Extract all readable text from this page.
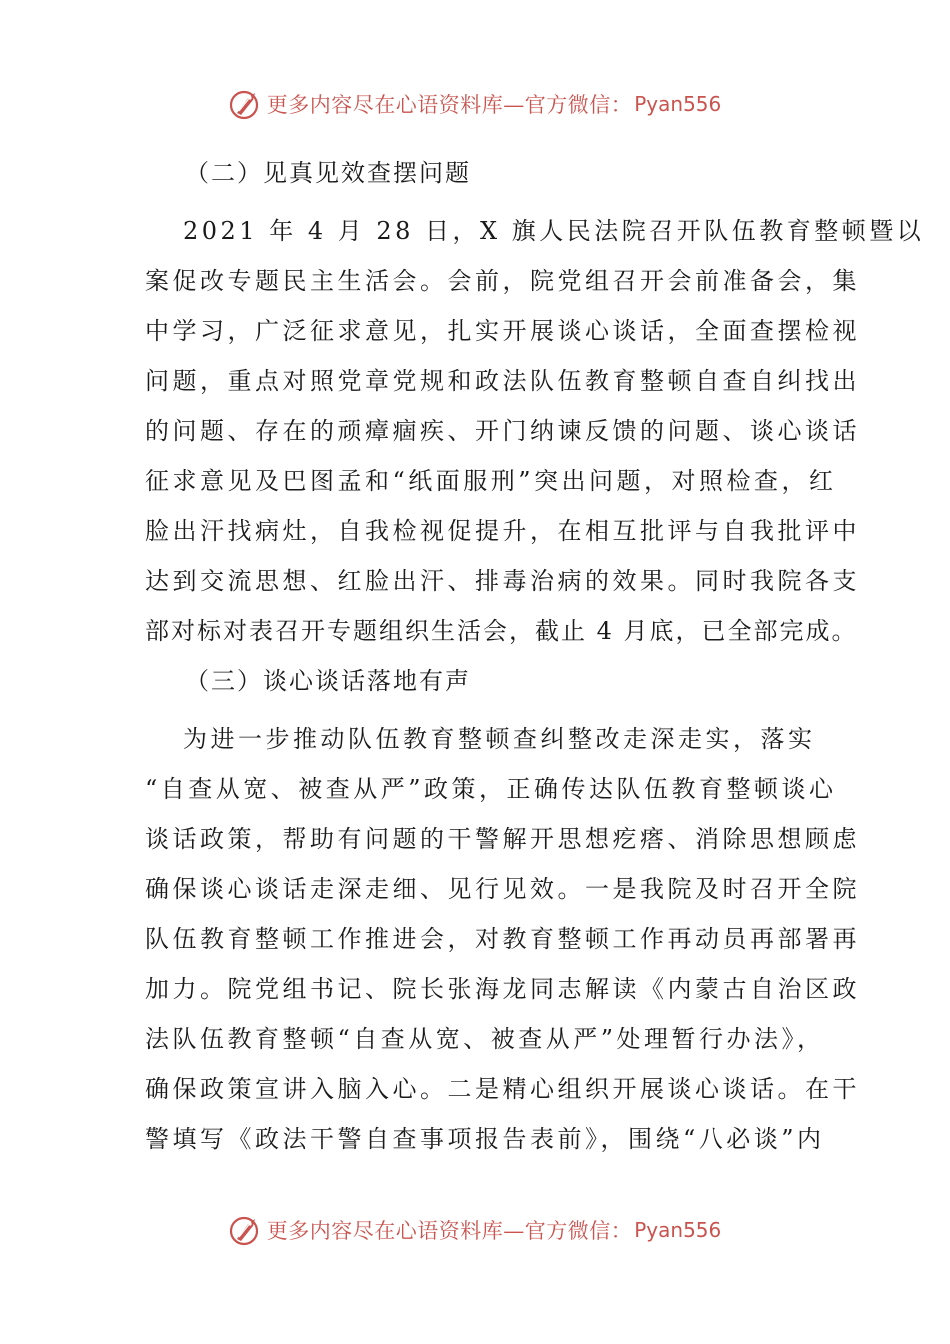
更多内容尽在心语资料库—官方微信： Pyan556
（二）见真见效查摆问题
2021 年 4 月 28 日，X 旗人民法院召开队伍教育整顿暨以
案促改专题民主生活会。会前，院党组召开会前准备会，集
中学习，广泛征求意见，扎实开展谈心谈话，全面查摆检视
问题，重点对照党章党规和政法队伍教育整顿自查自纠找出
的问题、存在的顽瘴痼疾、开门纳谏反馈的问题、谈心谈话
征求意见及巴图孟和“纸面服刑”突出问题，对照检查，红
脸出汗找病灶，自我检视促提升，在相互批评与自我批评中
达到交流思想、红脸出汗、排毒治病的效果。同时我院各支
部对标对表召开专题组织生活会，截止 4 月底，已全部完成。
（三）谈心谈话落地有声
为进一步推动队伍教育整顿查纠整改走深走实，落实
“自查从宽、被查从严”政策，正确传达队伍教育整顿谈心
谈话政策，帮助有问题的干警解开思想疙瘩、消除思想顾虑
确保谈心谈话走深走细、见行见效。一是我院及时召开全院
队伍教育整顿工作推进会，对教育整顿工作再动员再部署再
加力。院党组书记、院长张海龙同志解读《内蒙古自治区政
法队伍教育整顿“自查从宽、被查从严”处理暂行办法》，
确保政策宣讲入脑入心。二是精心组织开展谈心谈话。在干
警填写《政法干警自查事项报告表前》，围绕“八必谈”内
更多内容尽在心语资料库—官方微信： Pyan556
